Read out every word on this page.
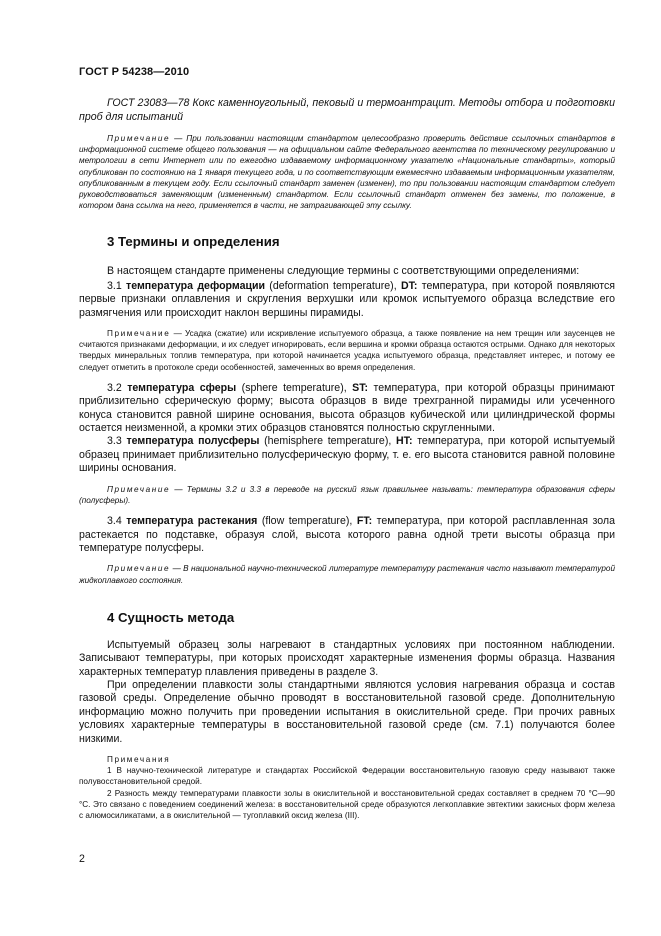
ГОСТ Р 54238—2010

ГОСТ 23083—78 Кокс каменноугольный, пековый и термоантрацит. Методы отбора и подготовки проб для испытаний

Примечание — При пользовании настоящим стандартом целесообразно проверить действие ссылочных стандартов в информационной системе общего пользования — на официальном сайте Федерального агентства по техническому регулированию и метрологии в сети Интернет или по ежегодно издаваемому информационному указателю «Национальные стандарты», который опубликован по состоянию на 1 января текущего года, и по соответствующим ежемесячно издаваемым информационным указателям, опубликованным в текущем году. Если ссылочный стандарт заменен (изменен), то при пользовании настоящим стандартом следует руководствоваться заменяющим (измененным) стандартом. Если ссылочный стандарт отменен без замены, то положение, в котором дана ссылка на него, применяется в части, не затрагивающей эту ссылку.

3 Термины и определения

В настоящем стандарте применены следующие термины с соответствующими определениями:

3.1 температура деформации (deformation temperature), DT: температура, при которой появляются первые признаки оплавления и скругления верхушки или кромок испытуемого образца вследствие его размягчения или происходит наклон вершины пирамиды.

Примечание — Усадка (сжатие) или искривление испытуемого образца, а также появление на нем трещин или заусенцев не считаются признаками деформации, и их следует игнорировать, если вершина и кромки образца остаются острыми. Однако для некоторых твердых минеральных топлив температура, при которой начинается усадка испытуемого образца, представляет интерес, и потому ее следует отметить в протоколе среди особенностей, замеченных во время определения.

3.2 температура сферы (sphere temperature), ST: температура, при которой образцы принимают приблизительно сферическую форму; высота образцов в виде трехгранной пирамиды или усеченного конуса становится равной ширине основания, высота образцов кубической или цилиндрической формы остается неизменной, а кромки этих образцов становятся полностью скругленными.

3.3 температура полусферы (hemisphere temperature), HT: температура, при которой испытуемый образец принимает приблизительно полусферическую форму, т. е. его высота становится равной половине ширины основания.

Примечание — Термины 3.2 и 3.3 в переводе на русский язык правильнее называть: температура образования сферы (полусферы).

3.4 температура растекания (flow temperature), FT: температура, при которой расплавленная зола растекается по подставке, образуя слой, высота которого равна одной трети высоты образца при температуре полусферы.

Примечание — В национальной научно-технической литературе температуру растекания часто называют температурой жидкоплавкого состояния.

4 Сущность метода

Испытуемый образец золы нагревают в стандартных условиях при постоянном наблюдении. Записывают температуры, при которых происходят характерные изменения формы образца. Названия характерных температур плавления приведены в разделе 3.

При определении плавкости золы стандартными являются условия нагревания образца и состав газовой среды. Определение обычно проводят в восстановительной газовой среде. Дополнительную информацию можно получить при проведении испытания в окислительной среде. При прочих равных условиях характерные температуры в восстановительной газовой среде (см. 7.1) получаются более низкими.

Примечания

1 В научно-технической литературе и стандартах Российской Федерации восстановительную газовую среду называют также полувосстановительной средой.

2 Разность между температурами плавкости золы в окислительной и восстановительной средах составляет в среднем 70 °С—90 °С. Это связано с поведением соединений железа: в восстановительной среде образуются легкоплавкие эвтектики закисных форм железа с алюмосиликатами, а в окислительной — тугоплавкий оксид железа (III).

2
